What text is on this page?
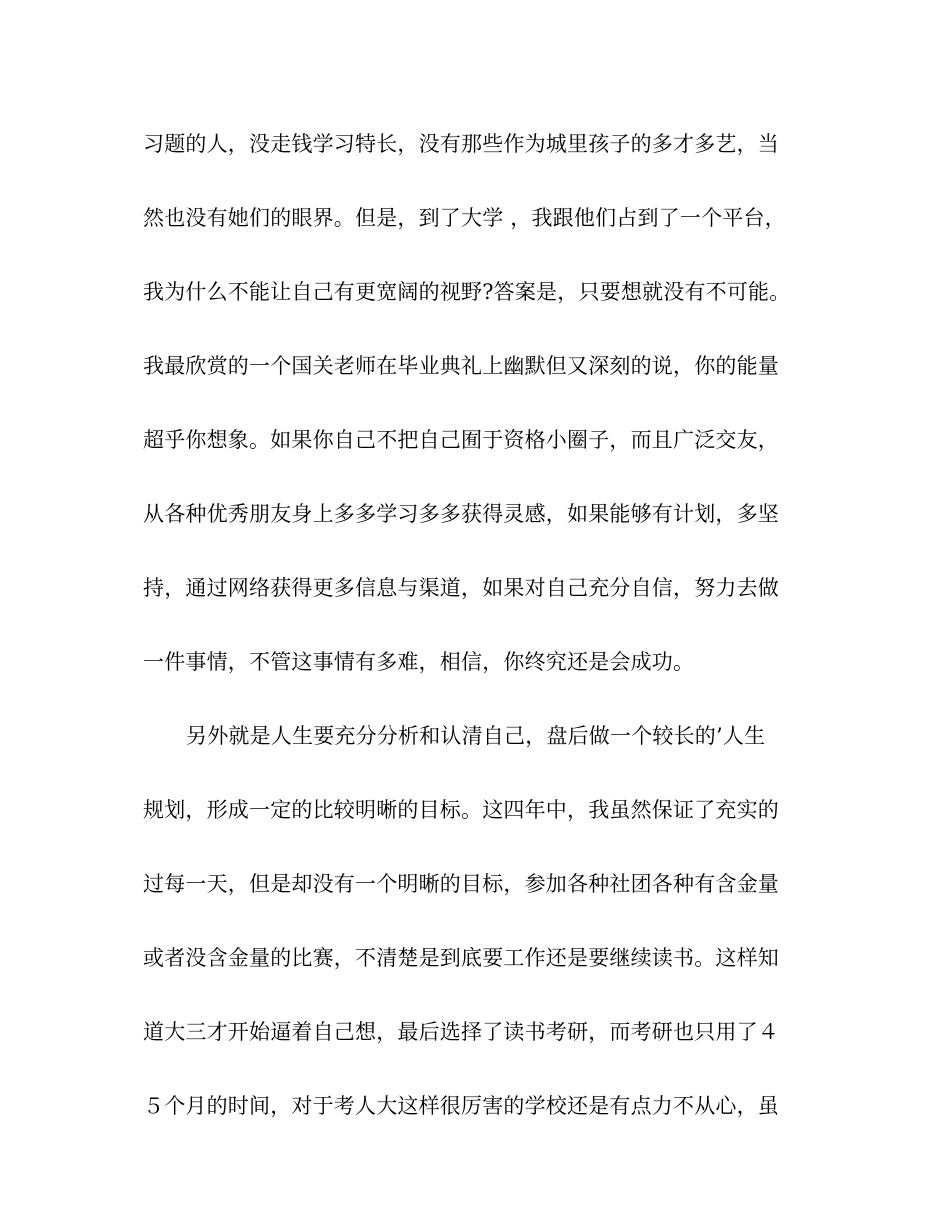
习题的人，没走钱学习特长，没有那些作为城里孩子的多才多艺，当
然也没有她们的眼界。但是，到了大学 ，我跟他们占到了一个平台，
我为什么不能让自己有更宽阔的视野?答案是，只要想就没有不可能。
我最欣赏的一个国关老师在毕业典礼上幽默但又深刻的说，你的能量
超乎你想象。如果你自己不把自己囿于资格小圈子，而且广泛交友，
从各种优秀朋友身上多多学习多多获得灵感，如果能够有计划，多坚
持，通过网络获得更多信息与渠道，如果对自己充分自信，努力去做
一件事情，不管这事情有多难，相信，你终究还是会成功。
另外就是人生要充分分析和认清自己，盘后做一个较长的’人生
规划，形成一定的比较明晰的目标。这四年中，我虽然保证了充实的
过每一天，但是却没有一个明晰的目标，参加各种社团各种有含金量
或者没含金量的比赛，不清楚是到底要工作还是要继续读书。这样知
道大三才开始逼着自己想，最后选择了读书考研，而考研也只用了４
５个月的时间，对于考人大这样很厉害的学校还是有点力不从心，虽
